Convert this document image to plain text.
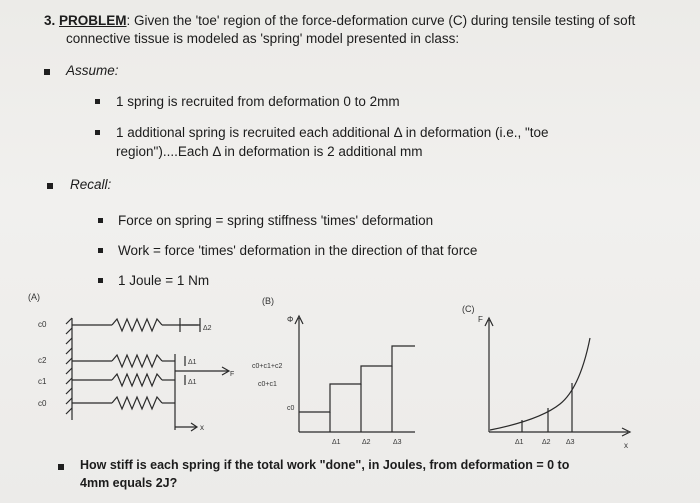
3. PROBLEM: Given the 'toe' region of the force-deformation curve (C) during tensile testing of soft
connective tissue is modeled as 'spring' model presented in class:
Assume:
1 spring is recruited from deformation 0 to 2mm
1 additional spring is recruited each additional Δ in deformation (i.e., "toe
region")....Each Δ in deformation is 2 additional mm
Recall:
Force on spring = spring stiffness 'times' deformation
Work = force 'times' deformation in the direction of that force
1 Joule = 1 Nm
(A)	(B)
(C)
c0
c2
c1
c0
Δ2
Δ1
Δ1
F
x
Φ
c0+c1+c2
c0+c1
c0
Δ1	Δ2	Δ3
F
x
Δ1	Δ2 Δ3
How stiff is each spring if the total work "done", in Joules, from deformation = 0 to
4mm equals 2J?
